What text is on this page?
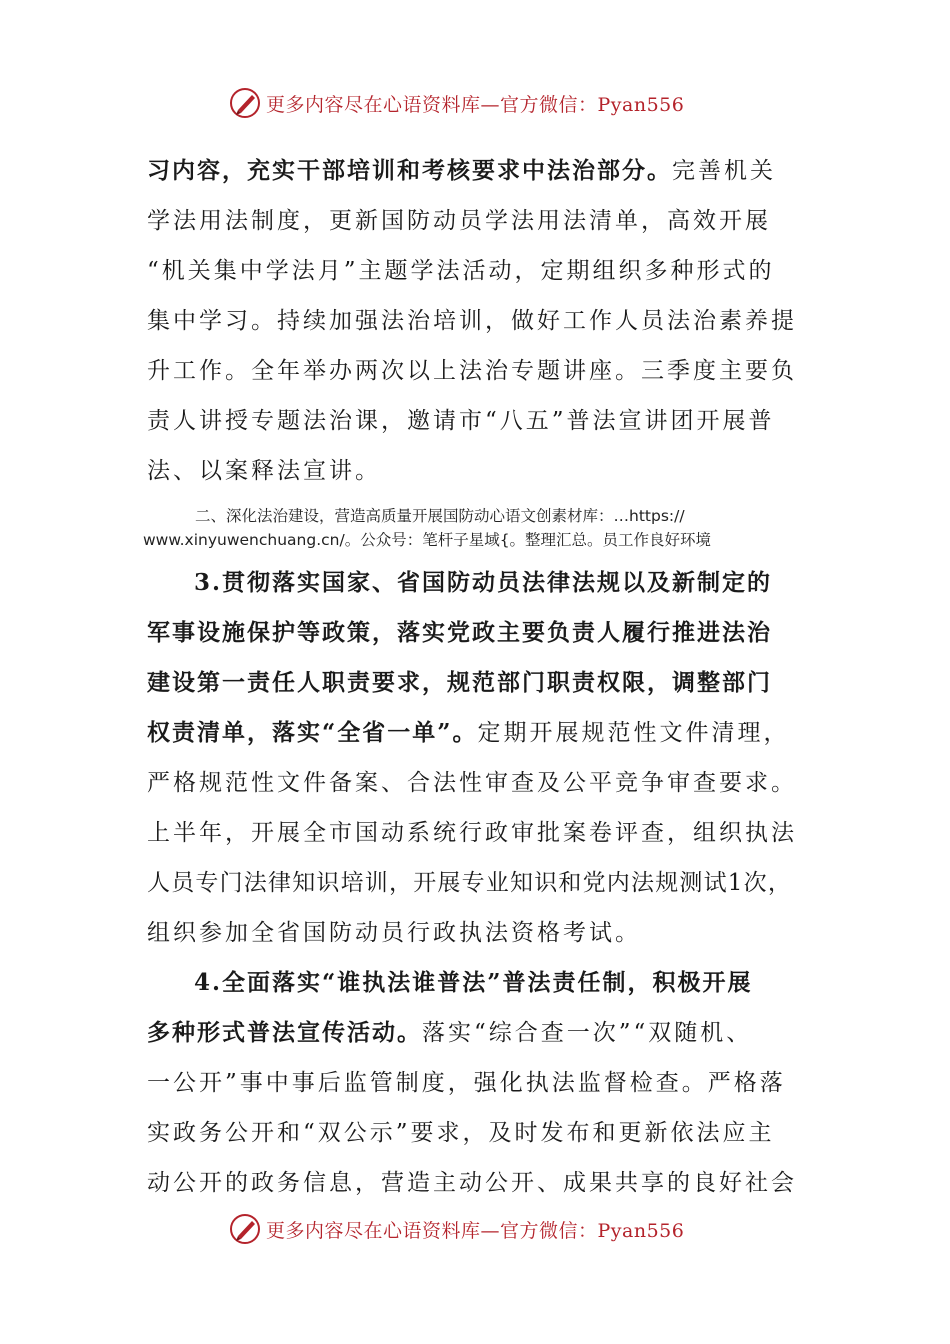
更多内容尽在心语资料库—官方微信：Pyan556
习内容，充实干部培训和考核要求中法治部分。完善机关
学法用法制度，更新国防动员学法用法清单，高效开展
“机关集中学法月”主题学法活动，定期组织多种形式的
集中学习。持续加强法治培训，做好工作人员法治素养提
升工作。全年举办两次以上法治专题讲座。三季度主要负
责人讲授专题法治课，邀请市“八五”普法宣讲团开展普
法、以案释法宣讲。
二、深化法治建设，营造高质量开展国防动心语文创素材库：…https://
www.xinyuwenchuang.cn/。公众号：笔杆子星域{。整理汇总。员工作良好环境
3.贯彻落实国家、省国防动员法律法规以及新制定的
军事设施保护等政策，落实党政主要负责人履行推进法治
建设第一责任人职责要求，规范部门职责权限，调整部门
权责清单，落实“全省一单”。定期开展规范性文件清理，
严格规范性文件备案、合法性审查及公平竞争审查要求。
上半年，开展全市国动系统行政审批案卷评查，组织执法
人员专门法律知识培训，开展专业知识和党内法规测试1次，
组织参加全省国防动员行政执法资格考试。
4.全面落实“谁执法谁普法”普法责任制，积极开展
多种形式普法宣传活动。落实“综合查一次”“双随机、
一公开”事中事后监管制度，强化执法监督检查。严格落
实政务公开和“双公示”要求，及时发布和更新依法应主
动公开的政务信息，营造主动公开、成果共享的良好社会
更多内容尽在心语资料库—官方微信：Pyan556
